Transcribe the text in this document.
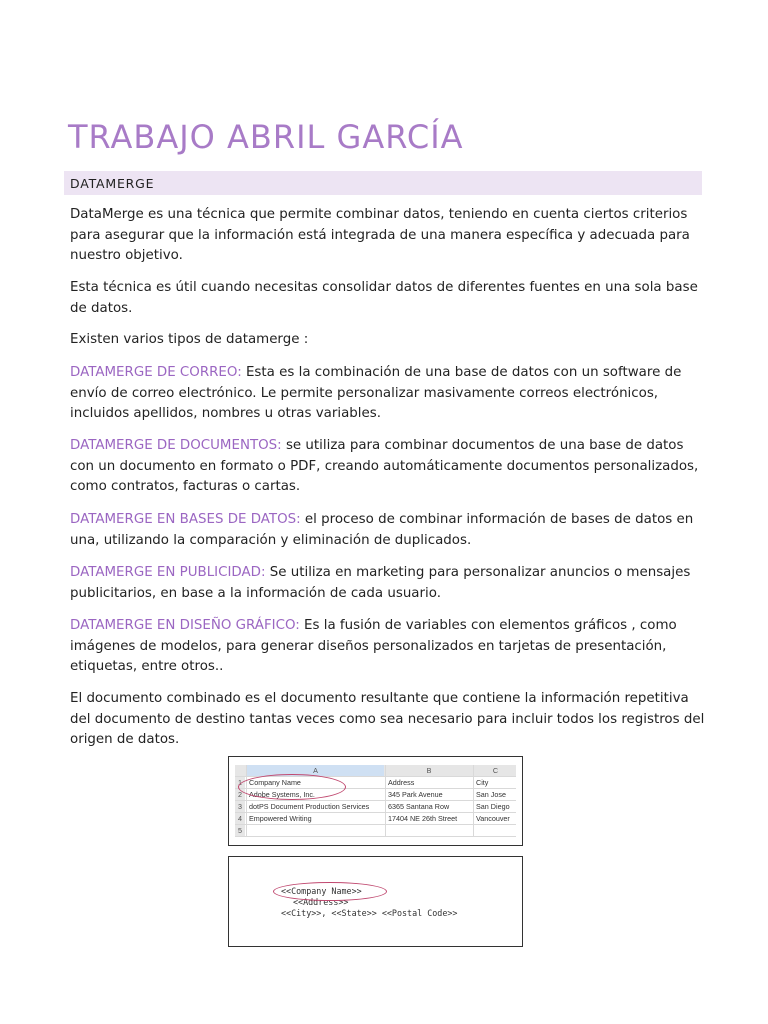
TRABAJO ABRIL GARCÍA
DATAMERGE

DataMerge es una técnica que permite combinar datos, teniendo en cuenta ciertos criterios para asegurar que la información está integrada de una manera específica y adecuada para nuestro objetivo.

Esta técnica es útil cuando necesitas consolidar datos de diferentes fuentes en una sola base de datos.

Existen varios tipos de datamerge :

DATAMERGE DE CORREO: Esta es la combinación de una base de datos con un software de envío de correo electrónico. Le permite personalizar masivamente correos electrónicos, incluidos apellidos, nombres u otras variables.

DATAMERGE DE DOCUMENTOS: se utiliza para combinar documentos de una base de datos con un documento en formato o PDF, creando automáticamente documentos personalizados, como contratos, facturas o cartas.

DATAMERGE EN BASES DE DATOS: el proceso de combinar información de bases de datos en una, utilizando la comparación y eliminación de duplicados.

DATAMERGE EN PUBLICIDAD: Se utiliza en marketing para personalizar anuncios o mensajes publicitarios, en base a la información de cada usuario.

DATAMERGE EN DISEÑO GRÁFICO: Es la fusión de variables con elementos gráficos , como imágenes de modelos, para generar diseños personalizados en tarjetas de presentación, etiquetas, entre otros..

El documento combinado es el documento resultante que contiene la información repetitiva del documento de destino tantas veces como sea necesario para incluir todos los registros del origen de datos.

A	B	C
1 Company Name	Address	City
2 Adobe Systems, Inc.	345 Park Avenue	San Jose
3 dotPS Document Production Services	6365 Santana Row	San Diego
4 Empowered Writing	17404 NE 26th Street	Vancouver
5
<<Company Name>>
<<Address>>
<<City>>, <<State>> <<Postal Code>>
